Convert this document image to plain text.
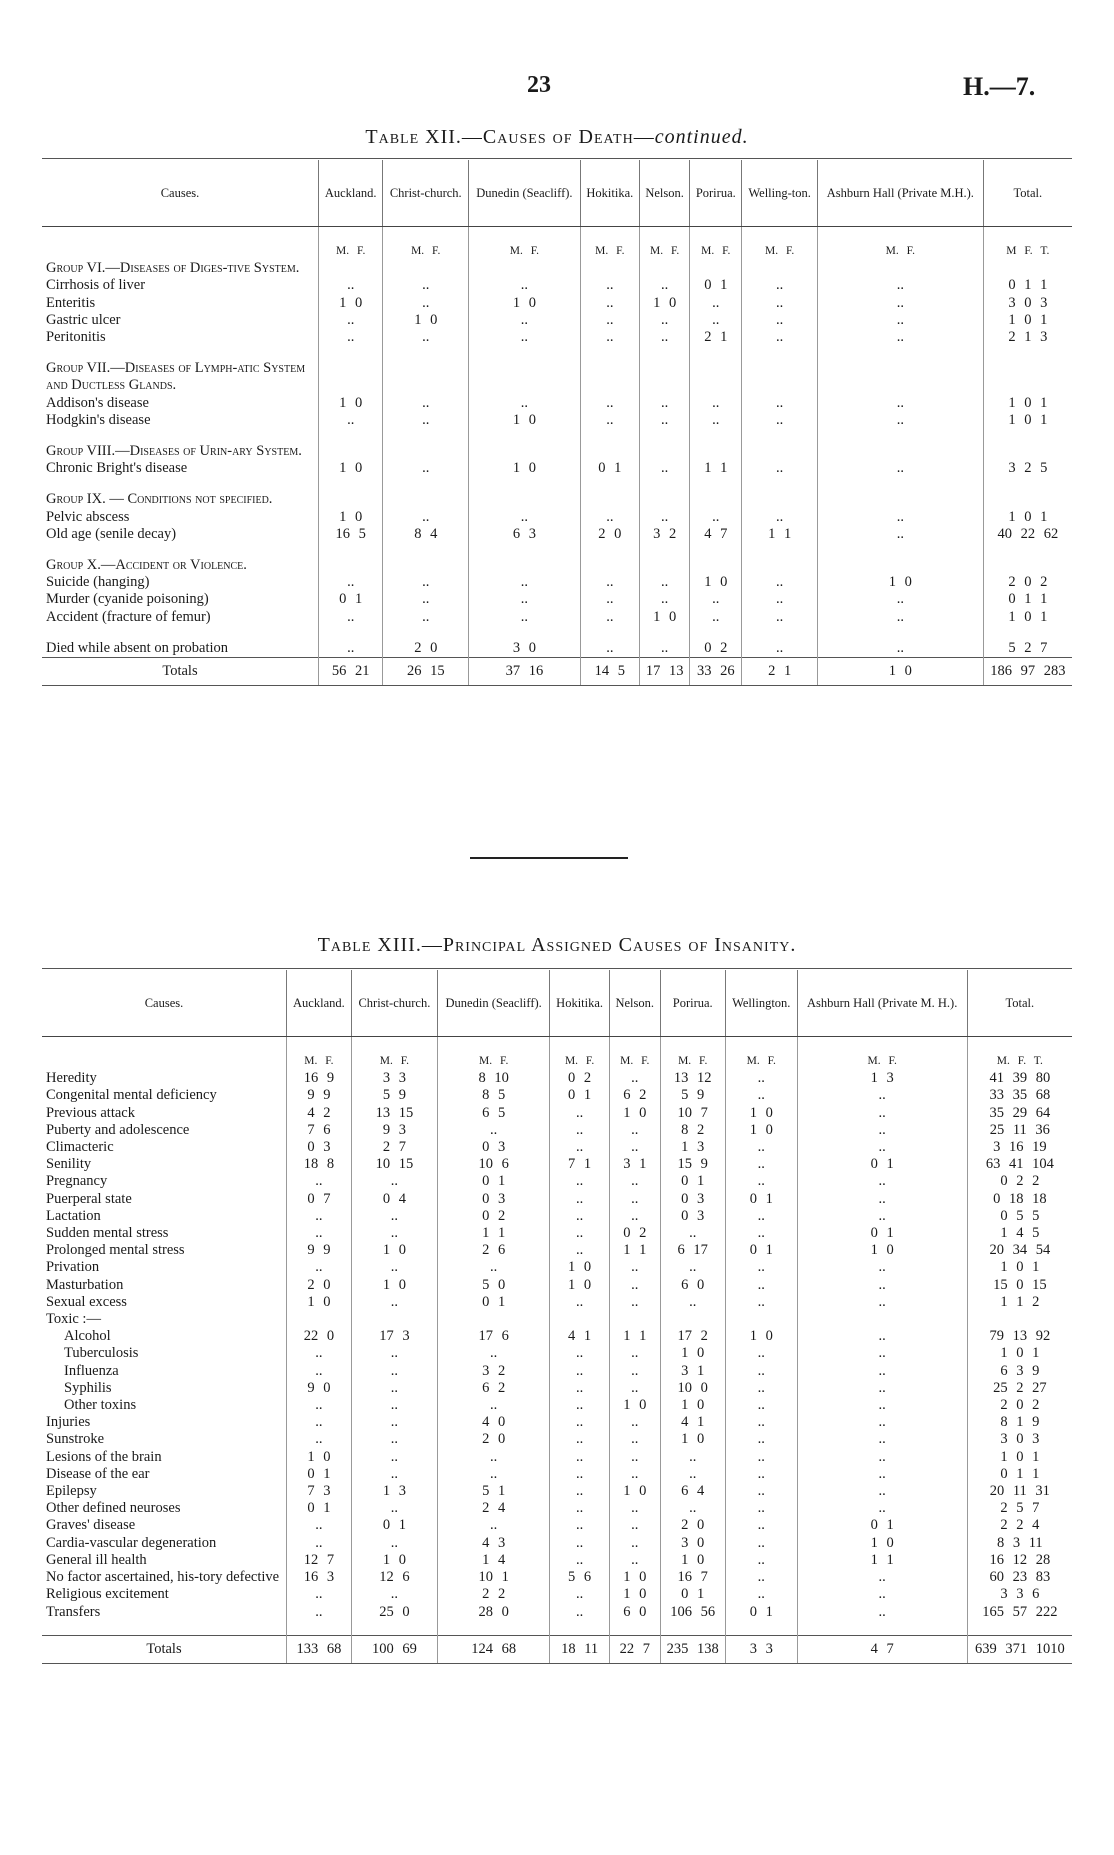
23	H.—7.
Table XII.—Causes of Death—continued.
Causes.	Auckland.	Christ-church.	Dunedin (Seacliff).	Hokitika.	Nelson.	Porirua.	Welling-ton.	Ashburn Hall (Private M.H.).	Total.
	M. F.	M. F.	M. F.	M. F.	M. F.	M. F.	M. F.	M. F.	M F. T.
Group VI.—Diseases of Diges-tive System.									
Cirrhosis of liver	..	..	..	..	..	0 1	..	..	0 1 1
Enteritis	1 0	..	1 0	..	1 0	..	..	..	3 0 3
Gastric ulcer	..	1 0	..	..	..	..	..	..	1 0 1
Peritonitis	..	..	..	..	..	2 1	..	..	2 1 3

Group VII.—Diseases of Lymph-atic System and Ductless Glands.									
Addison's disease	1 0	..	..	..	..	..	..	..	1 0 1
Hodgkin's disease	..	..	1 0	..	..	..	..	..	1 0 1

Group VIII.—Diseases of Urin-ary System.									
Chronic Bright's disease	1 0	..	1 0	0 1	..	1 1	..	..	3 2 5

Group IX. — Conditions not specified.									
Pelvic abscess	1 0	..	..	..	..	..	..	..	1 0 1
Old age (senile decay)	16 5	8 4	6 3	2 0	3 2	4 7	1 1	..	40 22 62

Group X.—Accident or Violence.									
Suicide (hanging)	..	..	..	..	..	1 0	..	1 0	2 0 2
Murder (cyanide poisoning)	0 1	..	..	..	..	..	..	..	0 1 1
Accident (fracture of femur)	..	..	..	..	1 0	..	..	..	1 0 1

Died while absent on probation	..	2 0	3 0	..	..	0 2	..	..	5 2 7
Totals	56 21	26 15	37 16	14 5	17 13	33 26	2 1	1 0	186 97 283
Table XIII.—Principal Assigned Causes of Insanity.
Causes.	Auckland.	Christ-church.	Dunedin (Seacliff).	Hokitika.	Nelson.	Porirua.	Wellington.	Ashburn Hall (Private M. H.).	Total.
	M. F.	M. F.	M. F.	M. F.	M. F.	M. F.	M. F.	M. F.	M. F. T.
Heredity	16 9	3 3	8 10	0 2	..	13 12	..	1 3	41 39 80
Congenital mental deficiency	9 9	5 9	8 5	0 1	6 2	5 9	..	..	33 35 68
Previous attack	4 2	13 15	6 5	..	1 0	10 7	1 0	..	35 29 64
Puberty and adolescence	7 6	9 3	..	..	..	8 2	1 0	..	25 11 36
Climacteric	0 3	2 7	0 3	..	..	1 3	..	..	3 16 19
Senility	18 8	10 15	10 6	7 1	3 1	15 9	..	0 1	63 41 104
Pregnancy	..	..	0 1	..	..	0 1	..	..	0 2 2
Puerperal state	0 7	0 4	0 3	..	..	0 3	0 1	..	0 18 18
Lactation	..	..	0 2	..	..	0 3	..	..	0 5 5
Sudden mental stress	..	..	1 1	..	0 2	..	..	0 1	1 4 5
Prolonged mental stress	9 9	1 0	2 6	..	1 1	6 17	0 1	1 0	20 34 54
Privation	..	..	..	1 0	..	..	..	..	1 0 1
Masturbation	2 0	1 0	5 0	1 0	..	6 0	..	..	15 0 15
Sexual excess	1 0	..	0 1	..	..	..	..	..	1 1 2
Toxic :—									
Alcohol	22 0	17 3	17 6	4 1	1 1	17 2	1 0	..	79 13 92
Tuberculosis	..	..	..	..	..	1 0	..	..	1 0 1
Influenza	..	..	3 2	..	..	3 1	..	..	6 3 9
Syphilis	9 0	..	6 2	..	..	10 0	..	..	25 2 27
Other toxins	..	..	..	..	1 0	1 0	..	..	2 0 2
Injuries	..	..	4 0	..	..	4 1	..	..	8 1 9
Sunstroke	..	..	2 0	..	..	1 0	..	..	3 0 3
Lesions of the brain	1 0	..	..	..	..	..	..	..	1 0 1
Disease of the ear	0 1	..	..	..	..	..	..	..	0 1 1
Epilepsy	7 3	1 3	5 1	..	1 0	6 4	..	..	20 11 31
Other defined neuroses	0 1	..	2 4	..	..	..	..	..	2 5 7
Graves' disease	..	0 1	..	..	..	2 0	..	0 1	2 2 4
Cardia-vascular degeneration	..	..	4 3	..	..	3 0	..	1 0	8 3 11
General ill health	12 7	1 0	1 4	..	..	1 0	..	1 1	16 12 28
No factor ascertained, his-tory defective	16 3	12 6	10 1	5 6	1 0	16 7	..	..	60 23 83
Religious excitement	..	..	2 2	..	1 0	0 1	..	..	3 3 6
Transfers	..	25 0	28 0	..	6 0	106 56	0 1	..	165 57 222

Totals	133 68	100 69	124 68	18 11	22 7	235 138	3 3	4 7	639 371 1010
